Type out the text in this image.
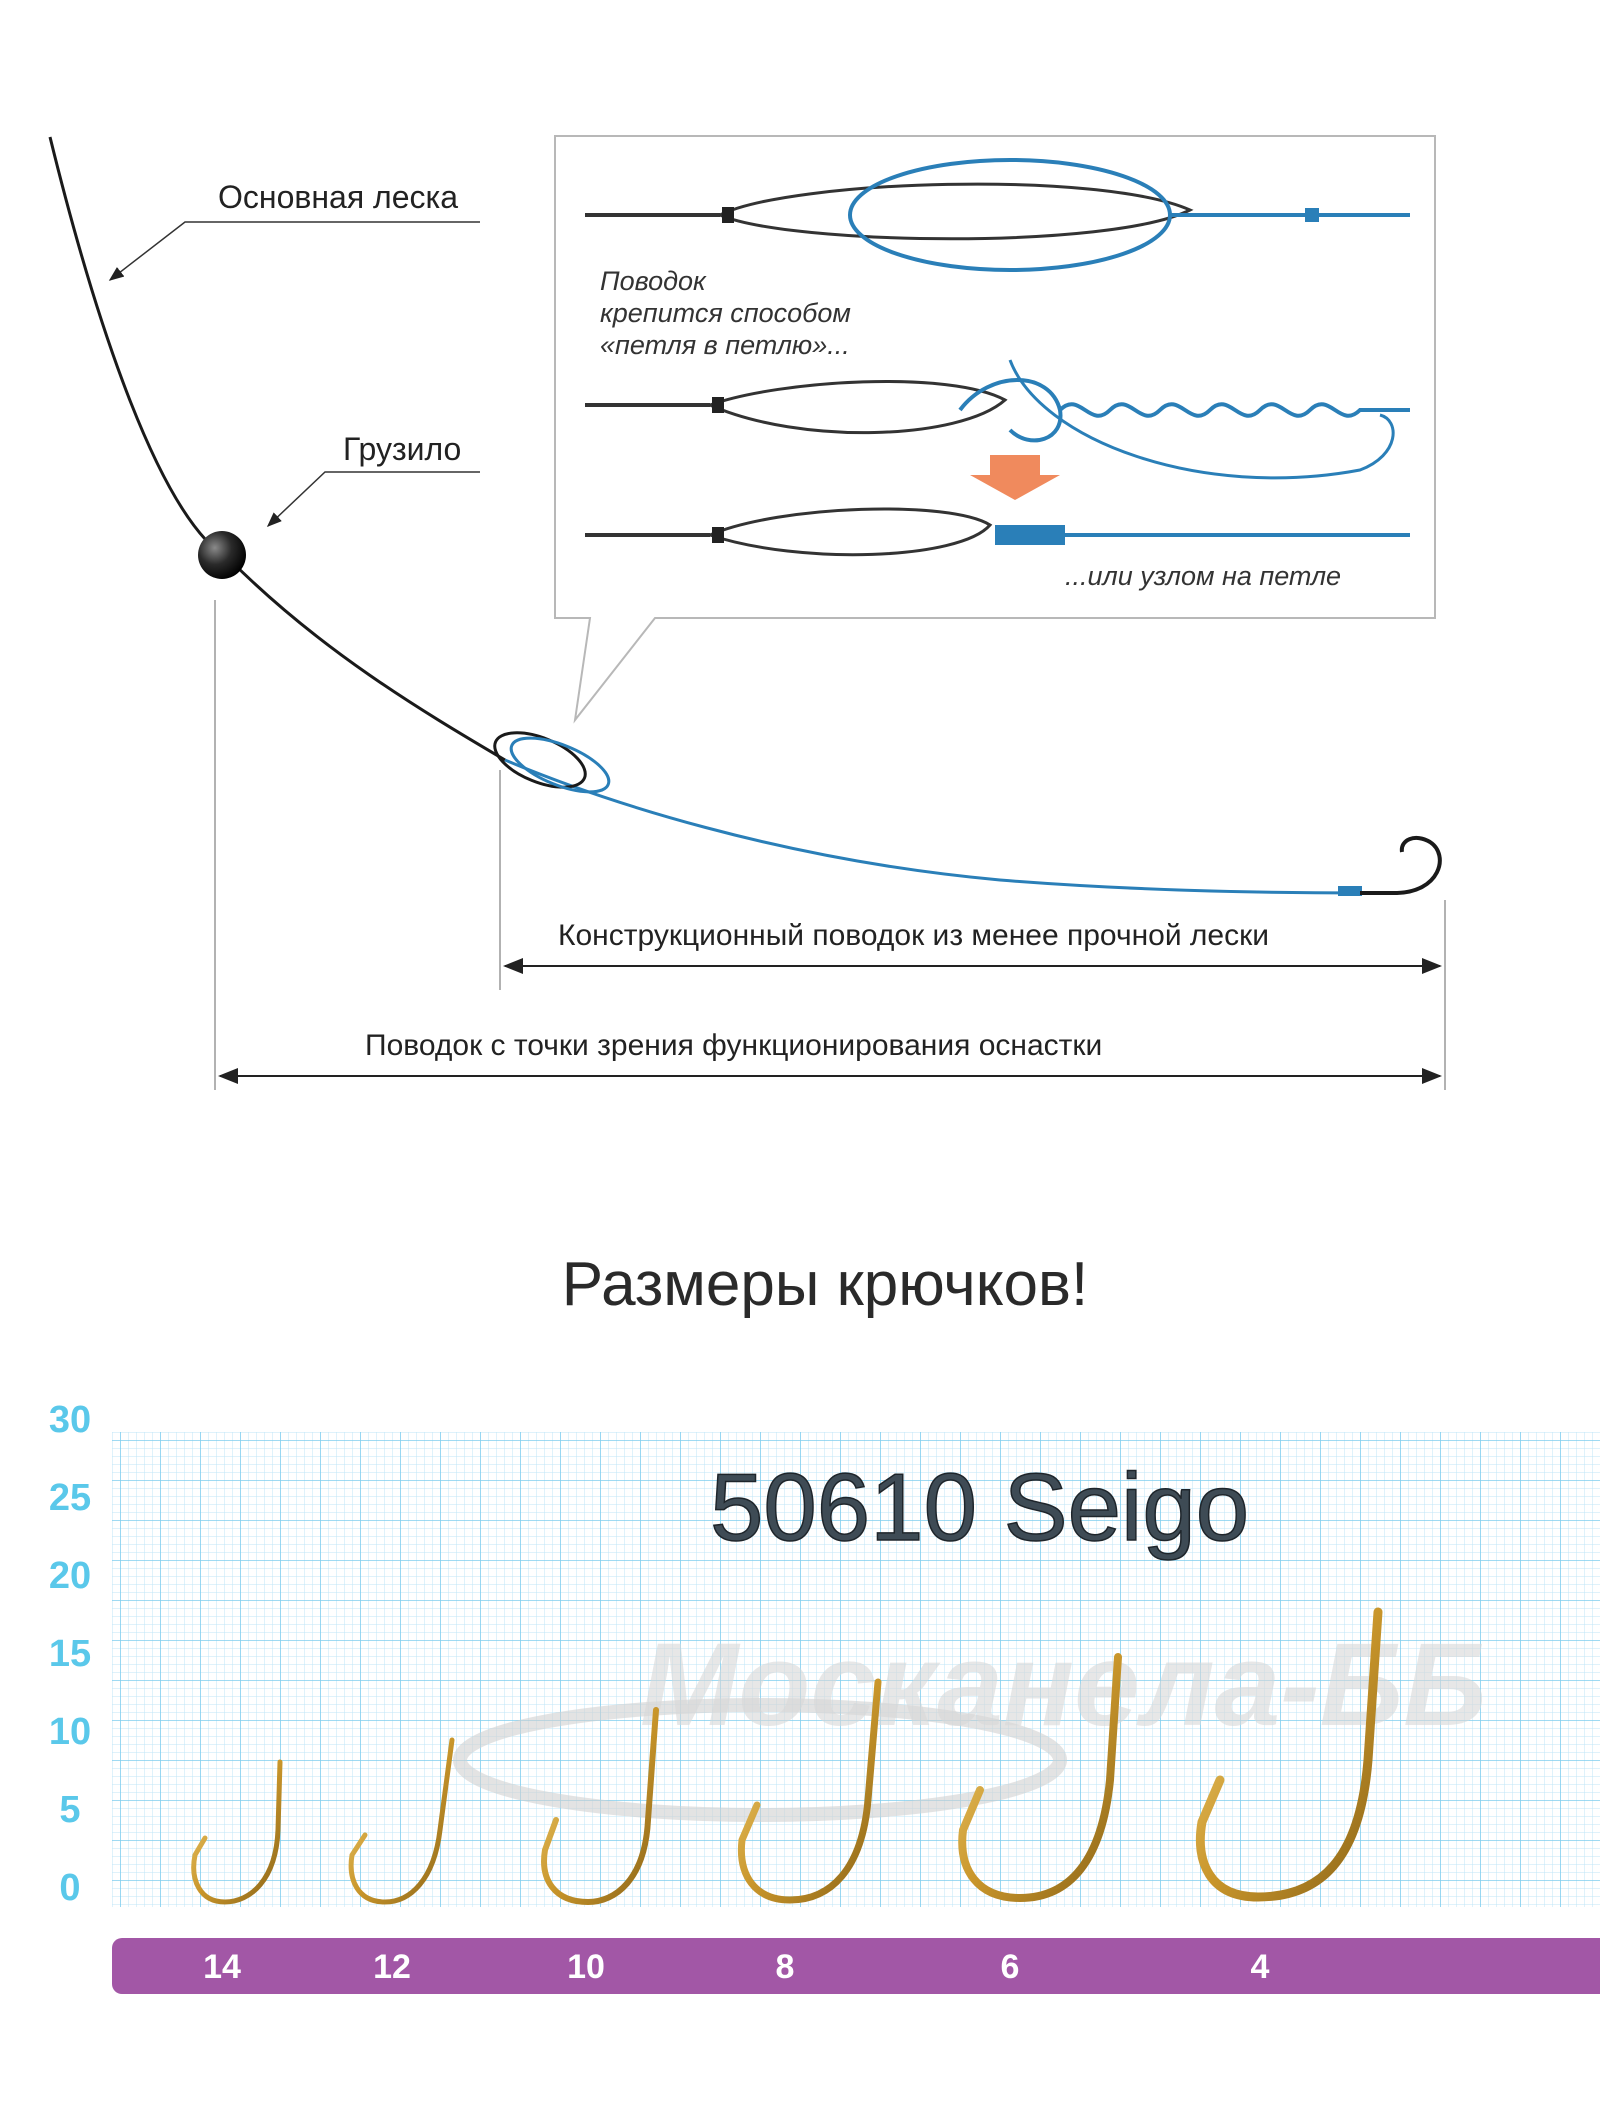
Основная леска
Грузило
Поводок
крепится способом
«петля в петлю»...
...или узлом на петле
Конструкционный поводок из менее прочной лески
Поводок с точки зрения функционирования оснастки
Размеры крючков!
30
25
20
15
10
5
0
Москанела-ББ
50610 Seigo
14	12	10	8	6	4
